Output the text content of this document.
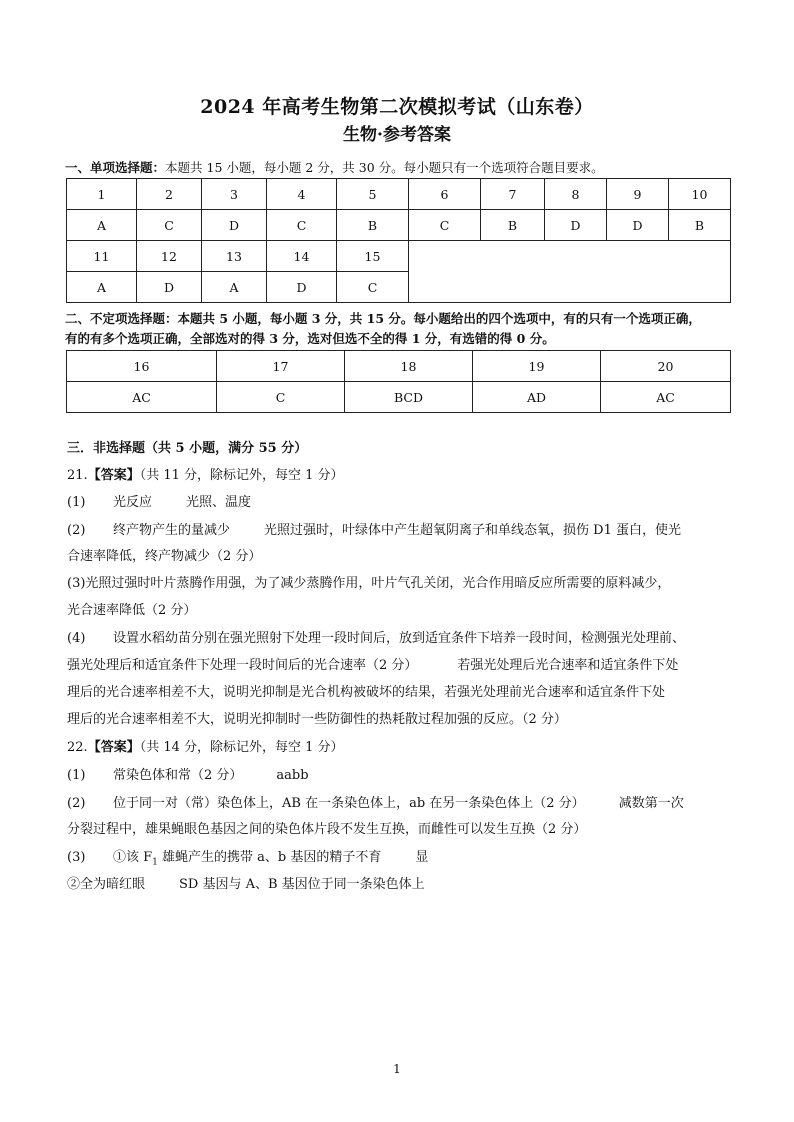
2024 年高考生物第二次模拟考试（山东卷）
生物·参考答案
一、单项选择题：本题共 15 小题，每小题 2 分，共 30 分。每小题只有一个选项符合题目要求。
1	2	3	4	5	6	7	8	9	10
A	C	D	C	B	C	B	D	D	B
11	12	13	14	15					
A	D	A	D	C					
二、不定项选择题：本题共 5 小题，每小题 3 分，共 15 分。每小题给出的四个选项中，有的只有一个选项正确，
有的有多个选项正确，全部选对的得 3 分，选对但选不全的得 1 分，有选错的得 0 分。
16	17	18	19	20
AC	C	BCD	AD	AC
三．非选择题（共 5 小题，满分 55 分）
21.【答案】（共 11 分，除标记外，每空 1 分）
(1) 光反应	光照、温度
(2) 终产物产生的量减少	光照过强时，叶绿体中产生超氧阴离子和单线态氧，损伤 D1 蛋白，使光
合速率降低，终产物减少（2 分）
(3)光照过强时叶片蒸腾作用强，为了减少蒸腾作用，叶片气孔关闭，光合作用暗反应所需要的原料减少，
光合速率降低（2 分）
(4) 设置水稻幼苗分别在强光照射下处理一段时间后，放到适宜条件下培养一段时间，检测强光处理前、
强光处理后和适宜条件下处理一段时间后的光合速率（2 分）	若强光处理后光合速率和适宜条件下处
理后的光合速率相差不大，说明光抑制是光合机构被破坏的结果，若强光处理前光合速率和适宜条件下处
理后的光合速率相差不大，说明光抑制时一些防御性的热耗散过程加强的反应。（2 分）
22.【答案】（共 14 分，除标记外，每空 1 分）
(1) 常染色体和常（2 分）	aabb
(2) 位于同一对（常）染色体上，AB 在一条染色体上，ab 在另一条染色体上（2 分）	减数第一次
分裂过程中，雄果蝇眼色基因之间的染色体片段不发生互换，而雌性可以发生互换（2 分）
(3) ①该 $F_1$ 雄蝇产生的携带 a、b 基因的精子不育	显
②全为暗红眼	SD 基因与 A、B 基因位于同一条染色体上
1
